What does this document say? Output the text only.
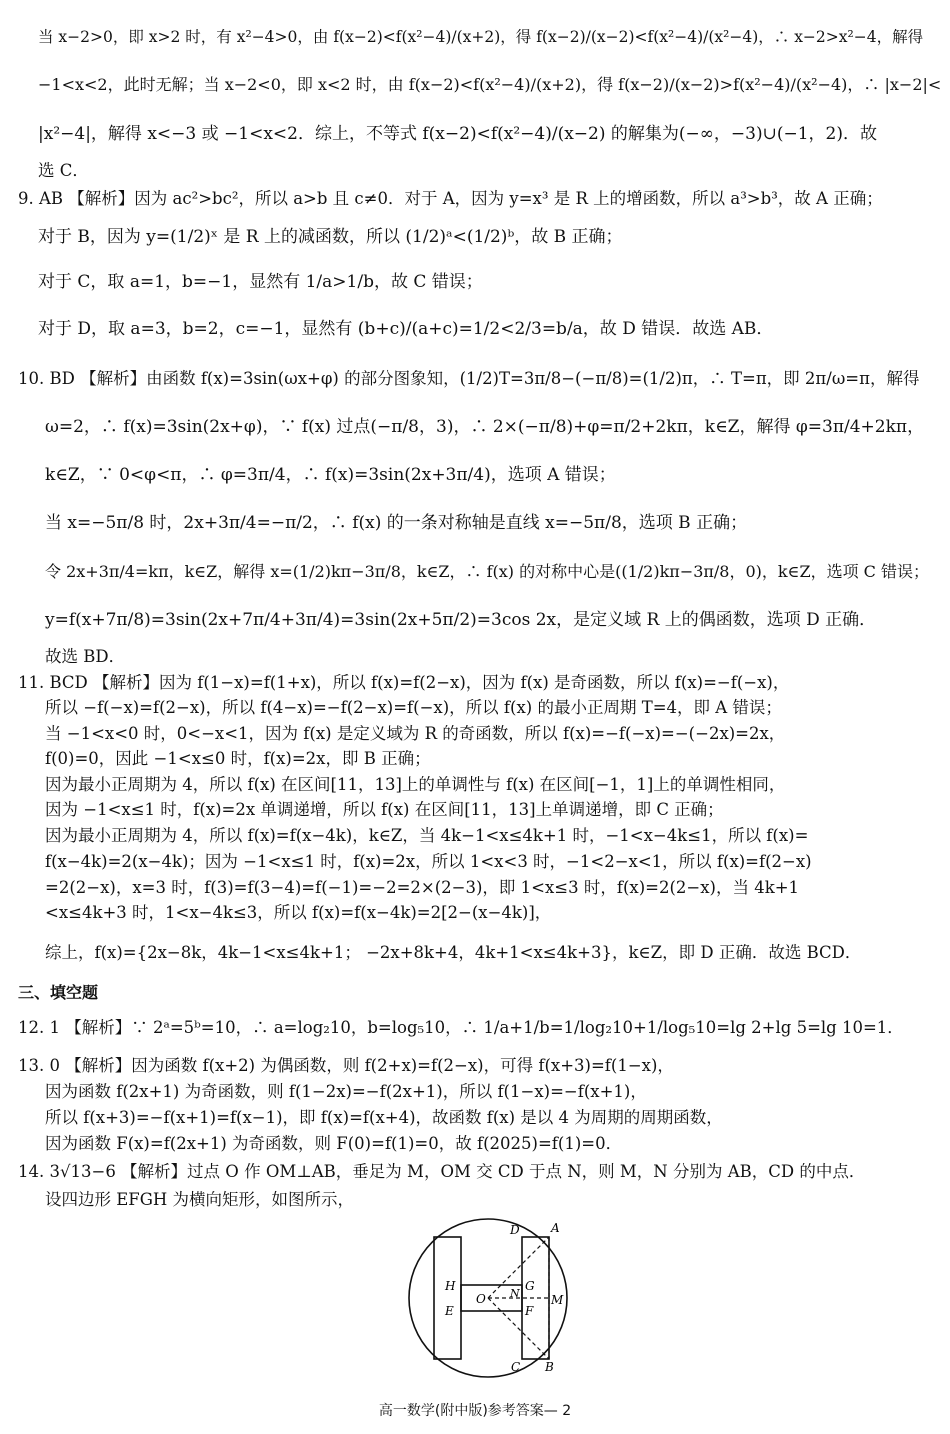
当 x−2>0，即 x>2 时，有 x²−4>0，由 f(x−2)<f(x²−4)/(x+2)，得 f(x−2)/(x−2)<f(x²−4)/(x²−4)，∴ x−2>x²−4，解得
−1<x<2，此时无解；当 x−2<0，即 x<2 时，由 f(x−2)<f(x²−4)/(x+2)，得 f(x−2)/(x−2)>f(x²−4)/(x²−4)，∴ |x−2|<
|x²−4|，解得 x<−3 或 −1<x<2．综上，不等式 f(x−2)<f(x²−4)/(x−2) 的解集为(−∞，−3)∪(−1，2)．故
选 C．
9. AB 【解析】因为 ac²>bc²，所以 a>b 且 c≠0．对于 A，因为 y=x³ 是 R 上的增函数，所以 a³>b³，故 A 正确；
对于 B，因为 y=(1/2)ˣ 是 R 上的减函数，所以 (1/2)ᵃ<(1/2)ᵇ，故 B 正确；
对于 C，取 a=1，b=−1，显然有 1/a>1/b，故 C 错误；
对于 D，取 a=3，b=2，c=−1，显然有 (b+c)/(a+c)=1/2<2/3=b/a，故 D 错误．故选 AB．
10. BD 【解析】由函数 f(x)=3sin(ωx+φ) 的部分图象知，(1/2)T=3π/8−(−π/8)=(1/2)π，∴ T=π，即 2π/ω=π，解得
ω=2，∴ f(x)=3sin(2x+φ)，∵ f(x) 过点(−π/8，3)，∴ 2×(−π/8)+φ=π/2+2kπ，k∈Z，解得 φ=3π/4+2kπ，
k∈Z，∵ 0<φ<π，∴ φ=3π/4，∴ f(x)=3sin(2x+3π/4)，选项 A 错误；
当 x=−5π/8 时，2x+3π/4=−π/2，∴ f(x) 的一条对称轴是直线 x=−5π/8，选项 B 正确；
令 2x+3π/4=kπ，k∈Z，解得 x=(1/2)kπ−3π/8，k∈Z，∴ f(x) 的对称中心是((1/2)kπ−3π/8，0)，k∈Z，选项 C 错误；
y=f(x+7π/8)=3sin(2x+7π/4+3π/4)=3sin(2x+5π/2)=3cos 2x，是定义域 R 上的偶函数，选项 D 正确．
故选 BD．
11. BCD 【解析】因为 f(1−x)=f(1+x)，所以 f(x)=f(2−x)，因为 f(x) 是奇函数，所以 f(x)=−f(−x)，
所以 −f(−x)=f(2−x)，所以 f(4−x)=−f(2−x)=f(−x)，所以 f(x) 的最小正周期 T=4，即 A 错误；
当 −1<x<0 时，0<−x<1，因为 f(x) 是定义域为 R 的奇函数，所以 f(x)=−f(−x)=−(−2x)=2x，
f(0)=0，因此 −1<x≤0 时，f(x)=2x，即 B 正确；
因为最小正周期为 4，所以 f(x) 在区间[11，13]上的单调性与 f(x) 在区间[−1，1]上的单调性相同，
因为 −1<x≤1 时，f(x)=2x 单调递增，所以 f(x) 在区间[11，13]上单调递增，即 C 正确；
因为最小正周期为 4，所以 f(x)=f(x−4k)，k∈Z，当 4k−1<x≤4k+1 时，−1<x−4k≤1，所以 f(x)=
f(x−4k)=2(x−4k)；因为 −1<x≤1 时，f(x)=2x，所以 1<x<3 时，−1<2−x<1，所以 f(x)=f(2−x)
=2(2−x)，x=3 时，f(3)=f(3−4)=f(−1)=−2=2×(2−3)，即 1<x≤3 时，f(x)=2(2−x)，当 4k+1
<x≤4k+3 时，1<x−4k≤3，所以 f(x)=f(x−4k)=2[2−(x−4k)]，
综上，f(x)={2x−8k，4k−1<x≤4k+1； −2x+8k+4，4k+1<x≤4k+3}，k∈Z，即 D 正确．故选 BCD．
三、填空题
12. 1 【解析】∵ 2ᵃ=5ᵇ=10，∴ a=log₂10，b=log₅10，∴ 1/a+1/b=1/log₂10+1/log₅10=lg 2+lg 5=lg 10=1．
13. 0 【解析】因为函数 f(x+2) 为偶函数，则 f(2+x)=f(2−x)，可得 f(x+3)=f(1−x)，
因为函数 f(2x+1) 为奇函数，则 f(1−2x)=−f(2x+1)，所以 f(1−x)=−f(x+1)，
所以 f(x+3)=−f(x+1)=f(x−1)，即 f(x)=f(x+4)，故函数 f(x) 是以 4 为周期的周期函数，
因为函数 F(x)=f(2x+1) 为奇函数，则 F(0)=f(1)=0，故 f(2025)=f(1)=0．
14. 3√13−6 【解析】过点 O 作 OM⊥AB，垂足为 M，OM 交 CD 于点 N，则 M，N 分别为 AB，CD 的中点．
设四边形 EFGH 为横向矩形，如图所示，
D	A
H	G
O N	M
E	F
C B
高一数学(附中版)参考答案— 2
